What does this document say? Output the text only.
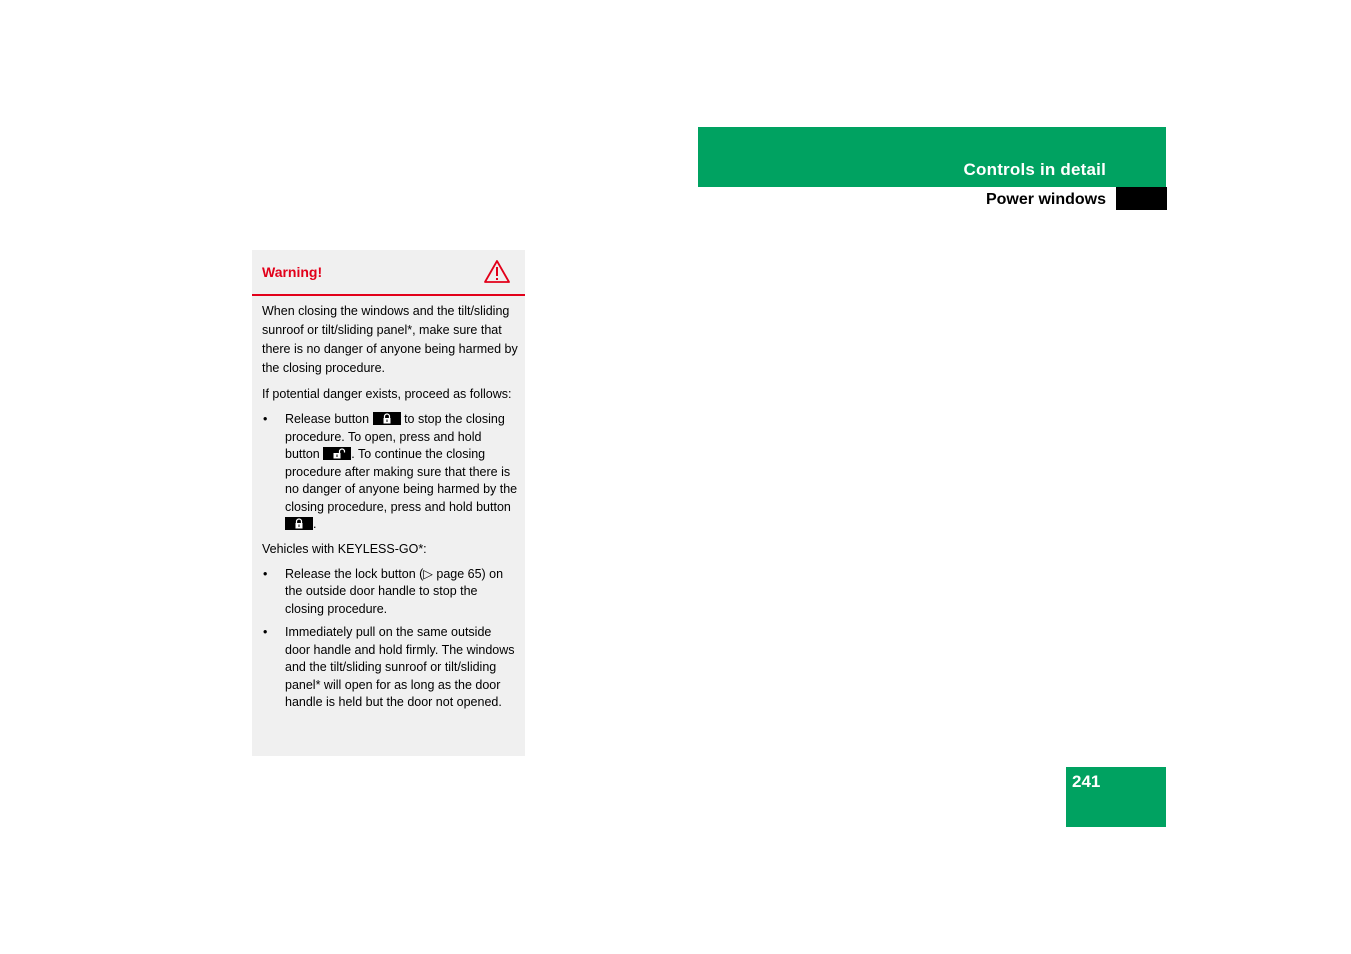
Controls in detail
Power windows
Warning!

When closing the windows and the tilt/sliding sunroof or tilt/sliding panel*, make sure that there is no danger of anyone being harmed by the closing procedure.

If potential danger exists, proceed as follows:

• Release button	to stop the closing procedure. To open, press and hold button	. To continue the closing procedure after making sure that there is no danger of anyone being harmed by the closing procedure, press and hold button
.

Vehicles with KEYLESS-GO*:

• Release the lock button (▷ page 65) on the outside door handle to stop the closing procedure.
• Immediately pull on the same outside door handle and hold firmly. The windows and the tilt/sliding sunroof or tilt/sliding panel* will open for as long as the door handle is held but the door not opened.
241
